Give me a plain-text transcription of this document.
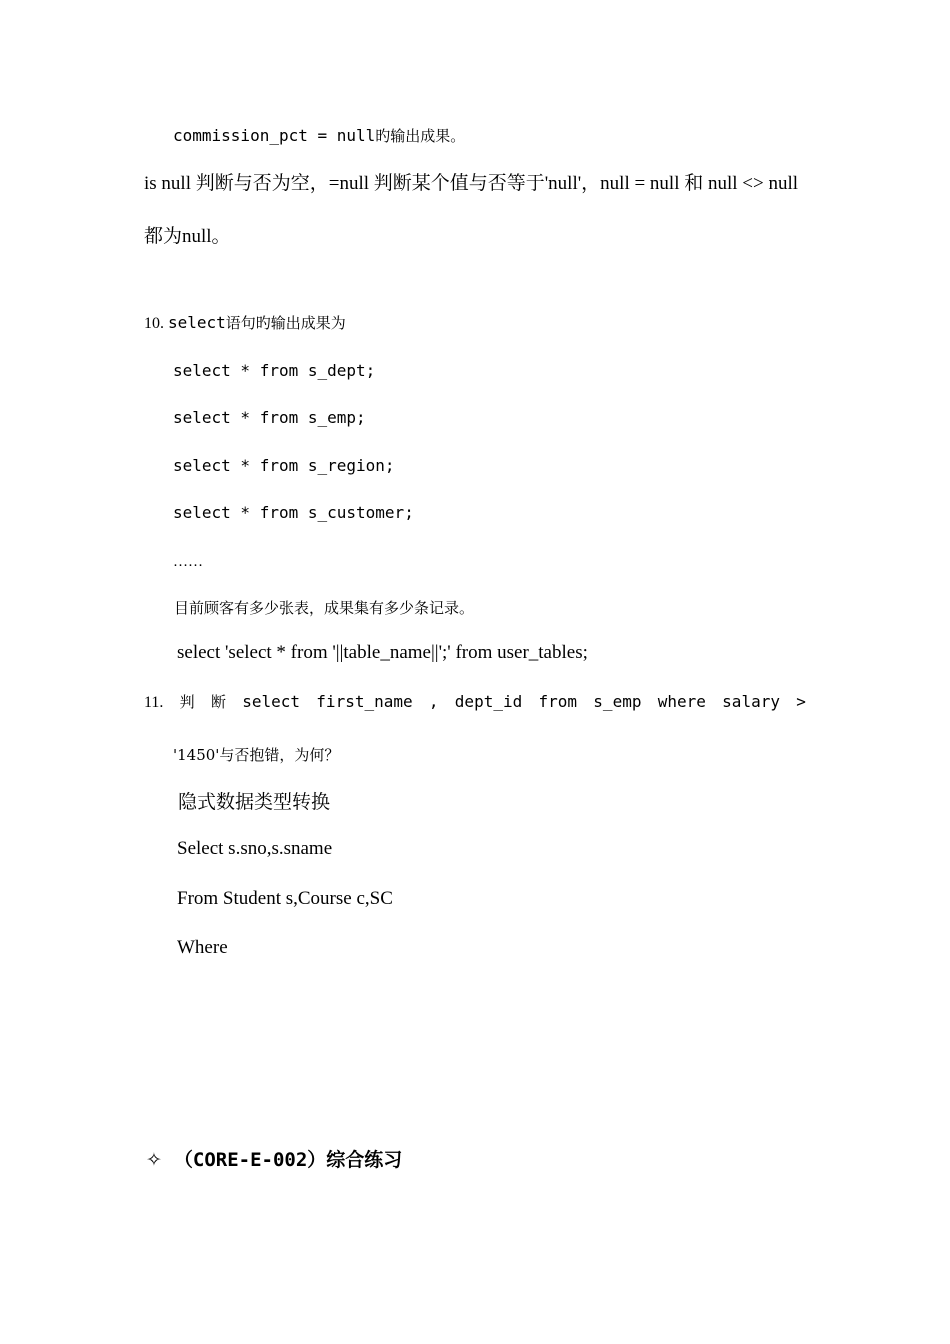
commission_pct = null旳输出成果。
is null 判断与否为空，=null 判断某个值与否等于'null'，null = null 和 null <> null
都为null。
10. select语句旳输出成果为
select * from s_dept;
select * from s_emp;
select * from s_region;
select * from s_customer;
……
目前顾客有多少张表，成果集有多少条记录。
select 'select * from '||table_name||';' from user_tables;
11. 判 断 select first_name , dept_id from s_emp where salary >
'1450'与否抱错，为何？
隐式数据类型转换
Select s.sno,s.sname
From Student s,Course c,SC
Where
✧ （CORE-E-002）综合练习
